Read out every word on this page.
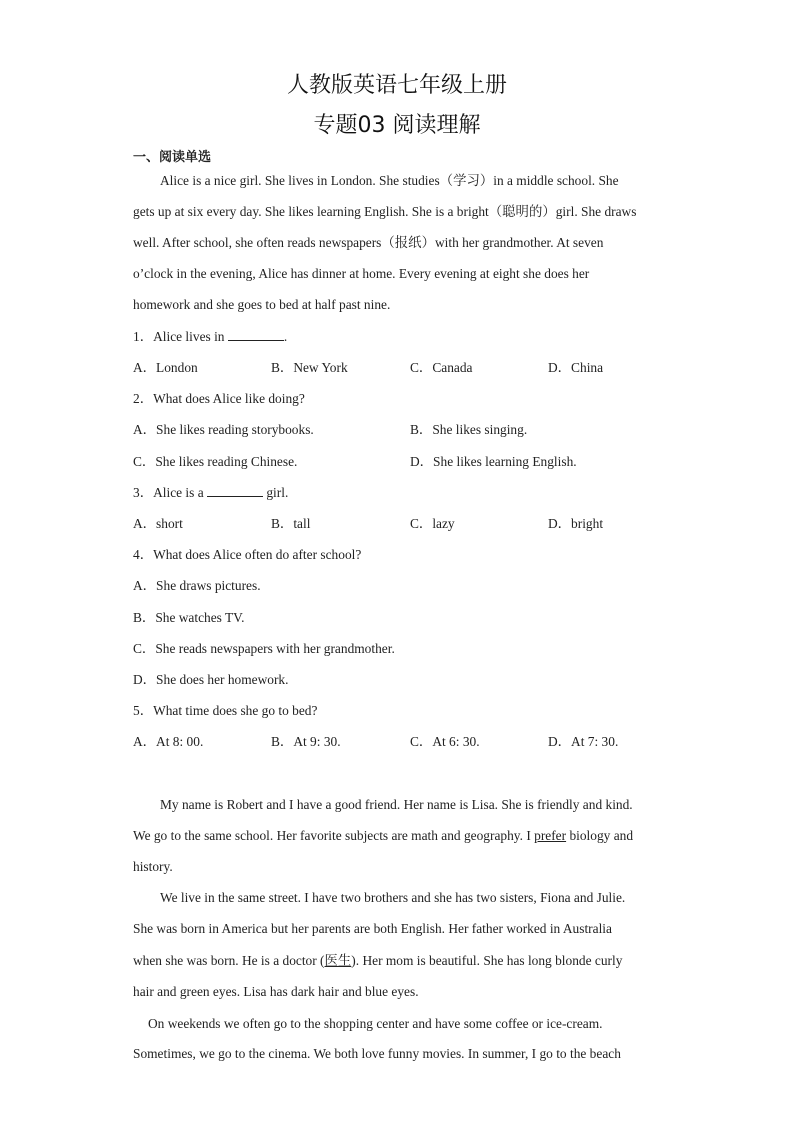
人教版英语七年级上册
专题03 阅读理解
一、阅读单选
Alice is a nice girl. She lives in London. She studies（学习）in a middle school. She
gets up at six every day. She likes learning English. She is a bright（聪明的）girl. She draws
well. After school, she often reads newspapers（报纸）with her grandmother. At seven
o’clock in the evening, Alice has dinner at home. Every evening at eight she does her
homework and she goes to bed at half past nine.
1．Alice lives in	.
A．London	B．New York	C．Canada	D．China
2．What does Alice like doing?
A．She likes reading storybooks.	B．She likes singing.
C．She likes reading Chinese.	D．She likes learning English.
3．Alice is a	girl.
A．short	B．tall	C．lazy	D．bright
4．What does Alice often do after school?
A．She draws pictures.
B．She watches TV.
C．She reads newspapers with her grandmother.
D．She does her homework.
5．What time does she go to bed?
A．At 8: 00.	B．At 9: 30.	C．At 6: 30.	D．At 7: 30.
My name is Robert and I have a good friend. Her name is Lisa. She is friendly and kind.
We go to the same school. Her favorite subjects are math and geography. I prefer biology and
history.
We live in the same street. I have two brothers and she has two sisters, Fiona and Julie.
She was born in America but her parents are both English. Her father worked in Australia
when she was born. He is a doctor (医生). Her mom is beautiful. She has long blonde curly
hair and green eyes. Lisa has dark hair and blue eyes.
On weekends we often go to the shopping center and have some coffee or ice-cream.
Sometimes, we go to the cinema. We both love funny movies. In summer, I go to the beach
